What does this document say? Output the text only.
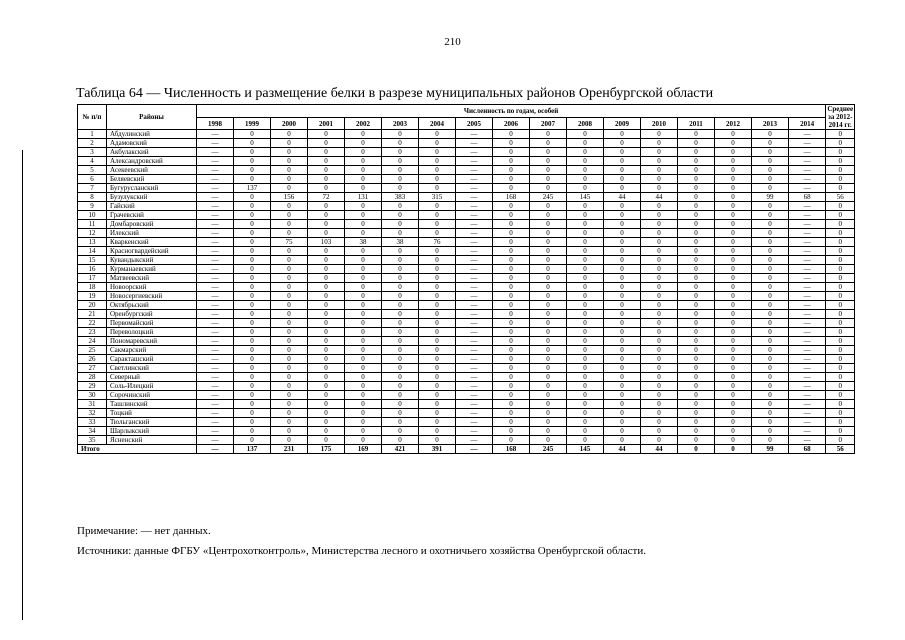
210
Таблица 64 — Численность и размещение белки в разрезе муниципальных районов Оренбургской области
№ п/п	Районы	Численность по годам, особей																	Среднее за 2012-2014 гг.
		1998	1999	2000	2001	2002	2003	2004	2005	2006	2007	2008	2009	2010	2011	2012	2013	2014	
1	Абдулинский	—	0	0	0	0	0	0	—	0	0	0	0	0	0	0	0	—	0
2	Адамовский	—	0	0	0	0	0	0	—	0	0	0	0	0	0	0	0	—	0
3	Акбулакский	—	0	0	0	0	0	0	—	0	0	0	0	0	0	0	0	—	0
4	Александровский	—	0	0	0	0	0	0	—	0	0	0	0	0	0	0	0	—	0
5	Асекеевский	—	0	0	0	0	0	0	—	0	0	0	0	0	0	0	0	—	0
6	Беляевский	—	0	0	0	0	0	0	—	0	0	0	0	0	0	0	0	—	0
7	Бугурусланский	—	137	0	0	0	0	0	—	0	0	0	0	0	0	0	0	—	0
8	Бузулукский	—	0	156	72	131	383	315	—	168	245	145	44	44	0	0	99	68	56
9	Гайский	—	0	0	0	0	0	0	—	0	0	0	0	0	0	0	0	—	0
10	Грачевский	—	0	0	0	0	0	0	—	0	0	0	0	0	0	0	0	—	0
11	Домбаровский	—	0	0	0	0	0	0	—	0	0	0	0	0	0	0	0	—	0
12	Илекский	—	0	0	0	0	0	0	—	0	0	0	0	0	0	0	0	—	0
13	Кваркенский	—	0	75	103	38	38	76	—	0	0	0	0	0	0	0	0	—	0
14	Красногвардейский	—	0	0	0	0	0	0	—	0	0	0	0	0	0	0	0	—	0
15	Кувандыкский	—	0	0	0	0	0	0	—	0	0	0	0	0	0	0	0	—	0
16	Курманаевский	—	0	0	0	0	0	0	—	0	0	0	0	0	0	0	0	—	0
17	Матвеевский	—	0	0	0	0	0	0	—	0	0	0	0	0	0	0	0	—	0
18	Новоорский	—	0	0	0	0	0	0	—	0	0	0	0	0	0	0	0	—	0
19	Новосергиевский	—	0	0	0	0	0	0	—	0	0	0	0	0	0	0	0	—	0
20	Октябрьский	—	0	0	0	0	0	0	—	0	0	0	0	0	0	0	0	—	0
21	Оренбургский	—	0	0	0	0	0	0	—	0	0	0	0	0	0	0	0	—	0
22	Первомайский	—	0	0	0	0	0	0	—	0	0	0	0	0	0	0	0	—	0
23	Переволоцкий	—	0	0	0	0	0	0	—	0	0	0	0	0	0	0	0	—	0
24	Пономаревский	—	0	0	0	0	0	0	—	0	0	0	0	0	0	0	0	—	0
25	Сакмарский	—	0	0	0	0	0	0	—	0	0	0	0	0	0	0	0	—	0
26	Саракташский	—	0	0	0	0	0	0	—	0	0	0	0	0	0	0	0	—	0
27	Светлинский	—	0	0	0	0	0	0	—	0	0	0	0	0	0	0	0	—	0
28	Северный	—	0	0	0	0	0	0	—	0	0	0	0	0	0	0	0	—	0
29	Соль-Илецкий	—	0	0	0	0	0	0	—	0	0	0	0	0	0	0	0	—	0
30	Сорочинский	—	0	0	0	0	0	0	—	0	0	0	0	0	0	0	0	—	0
31	Ташлинский	—	0	0	0	0	0	0	—	0	0	0	0	0	0	0	0	—	0
32	Тоцкий	—	0	0	0	0	0	0	—	0	0	0	0	0	0	0	0	—	0
33	Тюльганский	—	0	0	0	0	0	0	—	0	0	0	0	0	0	0	0	—	0
34	Шарлыкский	—	0	0	0	0	0	0	—	0	0	0	0	0	0	0	0	—	0
35	Ясненский	—	0	0	0	0	0	0	—	0	0	0	0	0	0	0	0	—	0
Итого		—	137	231	175	169	421	391	—	168	245	145	44	44	0	0	99	68	56
Примечание: — нет данных.
Источники: данные ФГБУ «Центрохотконтроль», Министерства лесного и охотничьего хозяйства Оренбургской области.
